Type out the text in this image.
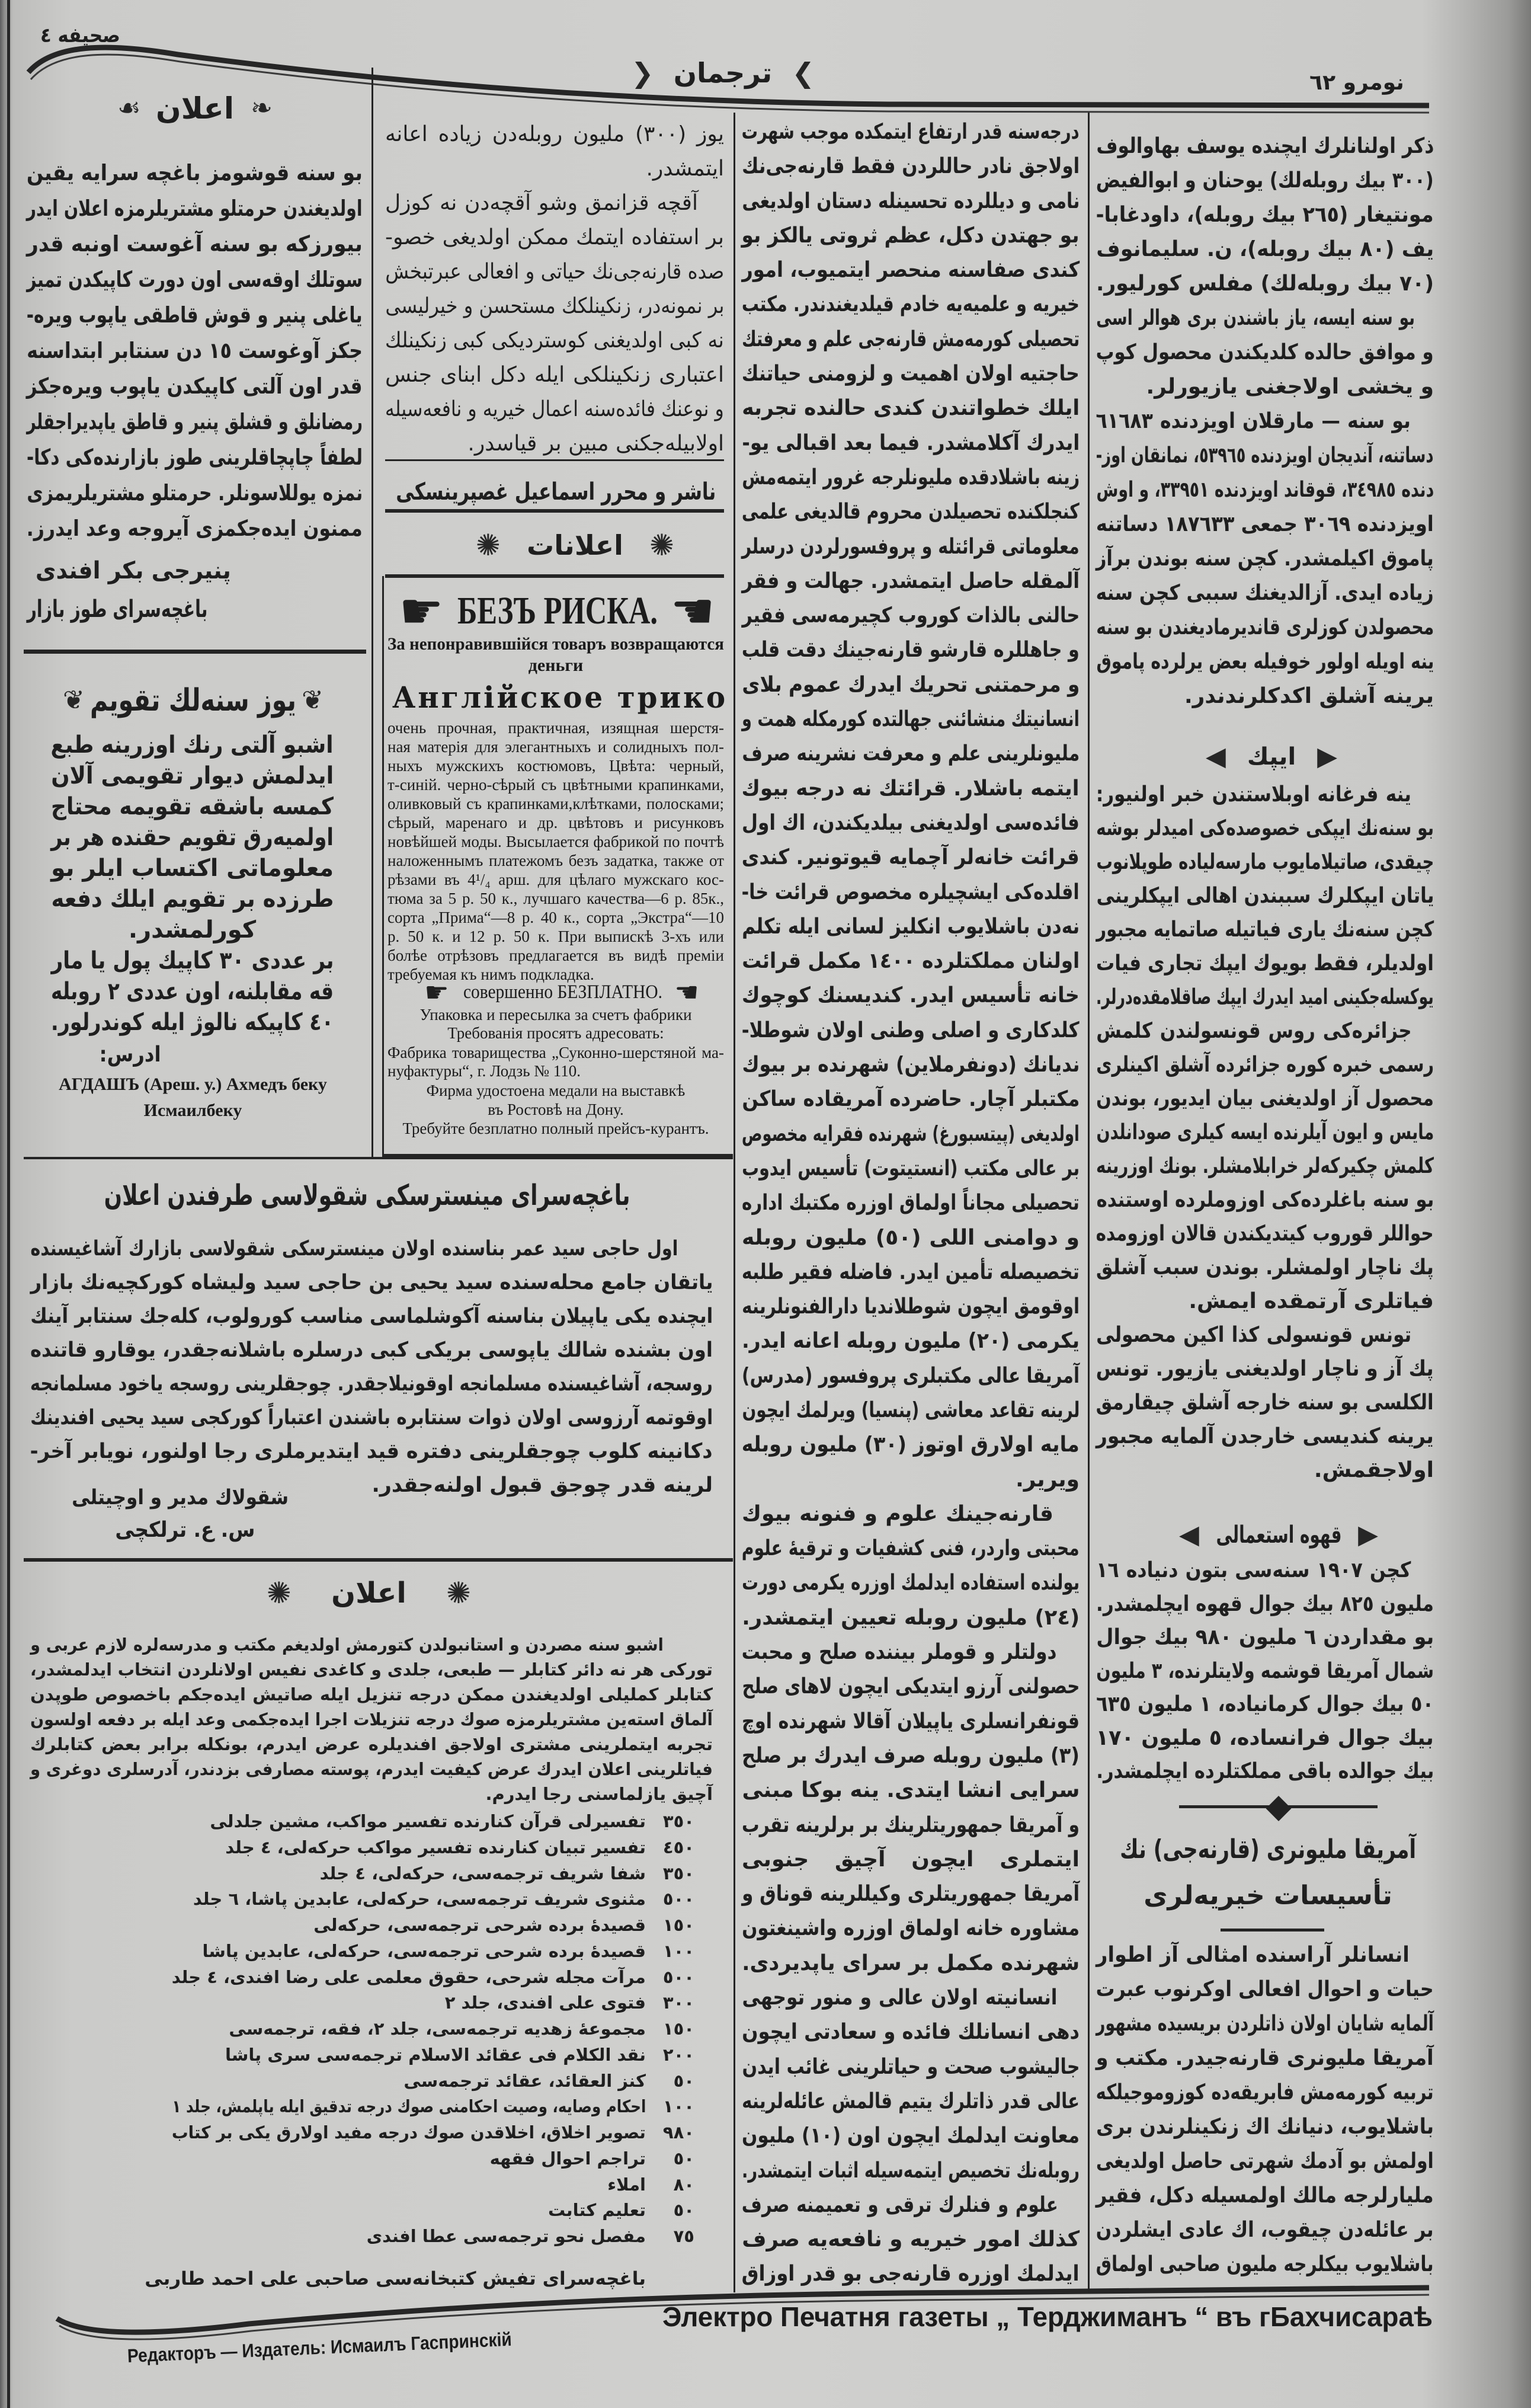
صحیفه ٤
❯
ترجمان
❮	نومرو ٦٢
❧
اعلان
☙
بو سنه قوشومز باغچه سرایه یقین
اولدیغندن حرمتلو مشتریلرمزه اعلان ایدر
بیورزکه بو سنه آغوست اونبه قدر
سوتلك اوقه‌سی اون دورت کاپیکدن تمیز
یاغلی پنیر و قوش قاطقی یاپوب ویره-
جکز آوغوست ١٥ دن سنتابر ابتداسنه
قدر اون آلتی کاپیکدن یاپوب ویره‌جکز
رمضانلق و قشلق پنیر و قاطق یاپدیراجقلر
لطفاً چاپچاقلرینی طوز بازارنده‌کی دکا-
نمزه یوللاسونلر. حرمتلو مشتریلریمزی
ممنون ایده‌جکمزی آیروجه وعد ایدرز.
پنیرجی بکر افندی
باغچه‌سرای طوز بازار
❦
یوز سنه‌لك تقویم
❦
اشبو آلتی رنك اوزرینه طبع
ایدلمش دیوار تقویمی آلان
کمسه باشقه تقویمه محتاج
اولمیه‌رق تقویم حقنده هر بر
معلوماتی اکتساب ایلر بو
طرزده بر تقویم ایلك دفعه
کورلمشدر.
بر عددی ٣٠ کاپیك پول یا مار
قه مقابلنه، اون عددی ٢ روبله
٤٠ کاپیکه نالوژ ایله کوندرلور.
ادرس:
АГДАШЪ (Ареш. у.) Ахмедъ беку
Исмаилбеку
یوز (٣٠٠) ملیون روبله‌دن زیاده اعانه
ایتمشدر.
آقچه قزانمق وشو آقچه‌دن نه کوزل
بر استفاده ایتمك ممکن اولدیغی خصو-
صده قارنه‌جی‌نك حیاتی و افعالی عبرتبخش
بر نمونه‌در، زنکینلکك مستحسن و خیرلیسی
نه کبی اولدیغنی کوستردیکی کبی زنکینلك
اعتباری زنکینلکی ایله دکل ابنای جنس
و نوعنك فائده‌سنه اعمال خیریه و نافعه‌سیله
اولابیله‌جکنی مبین بر قیاسدر.
ناشر و محرر اسماعیل غصپرینسکی
✺
اعلانات
✺
☛ БЕЗЪ РИСКА. ☚
За непонравившійся товаръ возвращаются
деньги
Англійское трико
очень прочная, практичная, изящная шерстя-
ная матерія для элегантныхъ и солидныхъ пол-
ныхъ мужскихъ костюмовъ, Цвѣта: черный,
т-синій. черно-сѣрый съ цвѣтными крапинками,
оливковый съ крапинками,клѣтками, полосками;
сѣрый, маренаго и др. цвѣтовъ и рисунковъ
новѣйшей моды. Высылается фабрикой по почтѣ
наложеннымъ платежомъ безъ задатка, также от
рѣзами въ 4¹/₄ арш. для цѣлаго мужскаго кос-
тюма за 5 р. 50 к., лучшаго качества—6 р. 85к.,
сорта „Прима“—8 р. 40 к., сорта „Экстра“—10
р. 50 к. и 12 р. 50 к. При выпискѣ 3-хъ или
болѣе отрѣзовъ предлагается въ видѣ преміи
требуемая къ нимъ подкладка.
☛ совершенно БЕЗПЛАТНО. ☚
Упаковка и пересылка за счетъ фабрики
Требованія просятъ адресовать:
Фабрика товарищества „Суконно-шерстяной ма-
нуфактуры“, г. Лодзь № 110.
Фирма удостоена медали на выставкѣ
въ Ростовѣ на Дону.
Требуйте безплатно полный прейсъ-курантъ.
باغچه‌سرای مینسترسکی شقولاسی طرفندن اعلان
اول حاجی سید عمر بناسنده اولان مینسترسکی شقولاسی بازارك آشاغیسنده
یاتقان جامع محله‌سنده سید یحیی بن حاجی سید ولیشاه کورکچیه‌نك بازار
ایچنده یکی یاپیلان بناسنه آکوشلماسی مناسب کورولوب، کله‌جك سنتابر آینك
اون بشنده شالك یاپوسی بریکی کبی درسلره باشلانه‌جقدر، یوقارو قاتنده
روسجه، آشاغیسنده مسلمانجه اوقونیلاجقدر. چوجقلرینی روسجه یاخود مسلمانجه
اوقوتمه آرزوسی اولان ذوات سنتابره باشندن اعتباراً کورکجی سید یحیی افندینك
دکانینه کلوب چوجقلرینی دفتره قید ایتدیرملری رجا اولنور، نویابر آخر-
لرینه قدر چوجق قبول اولنه‌جقدر.
شقولاك مدیر و اوچیتلی
س. ع. ترلکچی
✺
اعلان
✺
اشبو سنه مصردن و استانبولدن کتورمش اولدیغم مکتب و مدرسه‌لره لازم عربی و
تورکی هر نه دائر کتابلر — طبعی، جلدی و کاغدی نفیس اولانلردن انتخاب ایدلمشدر،
کتابلر کملیلی اولدیغندن ممکن درجه تنزیل ایله صاتیش ایده‌جکم باخصوص طوپدن
آلماق استه‌ین مشتریلرمزه صوك درجه تنزیلات اجرا ایده‌جکمی وعد ایله بر دفعه اولسون
تجربه ایتملرینی مشتری اولاجق افندیلره عرض ایدرم، بونکله برابر بعض کتابلرك
فیاتلرینی اعلان ایدرك عرض کیفیت ایدرم، پوسته مصارفی بزدندر، آدرسلری دوغری و
آچیق یازلماسنی رجا ایدرم.
٣٥٠
تفسیرلی قرآن کنارنده تفسیر مواکب، مشین جلدلی
٤٥٠
تفسیر تبیان کنارنده تفسیر مواکب حرکه‌لی، ٤ جلد
٣٥٠
شفا شریف ترجمه‌سی، حرکه‌لی، ٤ جلد
٥٠٠
مثنوی شریف ترجمه‌سی، حرکه‌لی، عابدین پاشا، ٦ جلد
١٥٠
قصیدهٔ برده شرحی ترجمه‌سی، حرکه‌لی
١٠٠
قصیدهٔ برده شرحی ترجمه‌سی، حرکه‌لی، عابدین پاشا
٥٠٠
مرآت مجله شرحی، حقوق معلمی علی رضا افندی، ٤ جلد
٣٠٠
فتوی علی افندی، جلد ٢
١٥٠
مجموعهٔ زهدیه ترجمه‌سی، جلد ٢، فقه، ترجمه‌سی
٢٠٠
نقد الکلام فی عقائد الاسلام ترجمه‌سی سری پاشا
٥٠
کنز العقائد، عقائد ترجمه‌سی
١٠٠
احکام وصایه، وصیت احکامنی صوك درجه تدقیق ایله یاپلمش، جلد ١
٩٨٠
تصویر اخلاق، اخلاقدن صوك درجه مفید اولارق یکی بر کتاب
٥٠
تراجم احوال فقهه
٨٠
املاء
٥٠
تعلیم کتابت
٧٥
مفصل نحو ترجمه‌سی عطا افندی
باغچه‌سرای تفیش کتبخانه‌سی صاحبی علی احمد طاربی
درجه‌سنه قدر ارتفاع ایتمکده موجب شهرت
اولاجق نادر حاللردن فقط قارنه‌جی‌نك
نامی و دیللرده تحسینله دستان اولدیغی
بو جهتدن دکل، عظم ثروتی یالکز بو
کندی صفاسنه منحصر ایتمیوب، امور
خیریه و علمیه‌یه خادم قیلدیغندندر. مکتب
تحصیلی کورمه‌مش قارنه‌جی علم و معرفتك
حاجتیه اولان اهمیت و لزومنی حیاتنك
ایلك خطواتندن کندی حالنده تجربه
ایدرك آکلامشدر. فیما بعد اقبالی یو-
زینه باشلادقده ملیونلرجه غرور ایتمه‌مش
کنجلکنده تحصیلدن محروم قالدیغی علمی
معلوماتی قرائتله و پروفسورلردن درسلر
آلمقله حاصل ایتمشدر. جهالت و فقر
حالنی بالذات کوروب کچیرمه‌سی فقیر
و جاهللره قارشو قارنه‌جینك دقت قلب
و مرحمتنی تحریك ایدرك عموم بلای
انسانیتك منشائنی جهالتده کورمکله همت و
ملیونلرینی علم و معرفت نشرینه صرف
ایتمه باشلار. قرائتك نه درجه بیوك
فائده‌سی اولدیغنی بیلدیکندن، اك اول
قرائت خانه‌لر آچمایه قیوتونیر. کندی
اقلده‌کی ایشچیلره مخصوص قرائت خا-
نه‌دن باشلایوب انکلیز لسانی ایله تکلم
اولنان مملکتلرده ١٤٠٠ مکمل قرائت
خانه تأسیس ایدر. کندیسنك کوچوك
کلدکاری و اصلی وطنی اولان شوطلا-
ندیانك (دونفرملاین) شهرنده بر بیوك
مکتبلر آچار. حاضرده آمریقاده ساکن
اولدیغی (پیتسبورغ) شهرنده فقرایه مخصوص
بر عالی مکتب (انستیتوت) تأسیس ایدوب
تحصیلی مجاناً اولماق اوزره مکتبك اداره
و دوامنی اللی (٥٠) ملیون روبله
تخصیصله تأمین ایدر. فاضله فقیر طلبه
اوقومق ایچون شوطلاندیا دارالفنونلرینه
یکرمی (٢٠) ملیون روبله اعانه ایدر.
آمریقا عالی مکتبلری پروفسور (مدرس)
لرینه تقاعد معاشی (پنسیا) ویرلمك ایچون
مایه اولارق اوتوز (٣٠) ملیون روبله
ویریر.
قارنه‌جینك علوم و فنونه بیوك
محبتی واردر، فنی کشفیات و ترقیهٔ علوم
یولنده استفاده ایدلمك اوزره یکرمی دورت
(٢٤) ملیون روبله تعیین ایتمشدر.
دولتلر و قوملر بیننده صلح و محبت
حصولنی آرزو ایتدیکی ایچون لاهای صلح
قونفرانسلری یاپیلان آقالا شهرنده اوچ
(٣) ملیون روبله صرف ایدرك بر صلح
سرایی انشا ایتدی. ینه بوکا مبنی
و آمریقا جمهوریتلرینك بر برلرینه تقرب
ایتملری ایچون آچیق جنوبی
آمریقا جمهوریتلری وکیللرینه قوناق و
مشاوره خانه اولماق اوزره واشینغتون
شهرنده مکمل بر سرای یاپدیردی.
انسانیته اولان عالی و منور توجهی
دهی انسانلك فائده و سعادتی ایچون
جالیشوب صحت و حیاتلرینی غائب ایدن
عالی قدر ذاتلرك یتیم قالمش عائله‌لرینه
معاونت ایدلمك ایچون اون (١٠) ملیون
روبله‌نك تخصیص ایتمه‌سیله اثبات ایتمشدر.
علوم و فنلرك ترقی و تعمیمنه صرف
کذلك امور خیریه و نافعه‌یه صرف
ایدلمك اوزره قارنه‌جی بو قدر اوزاق
ذکر اولنانلرك ایچنده یوسف بهاوالوف
(٣٠٠ بیك روبله‌لك) یوحنان و ابوالفیض
مونتیغار (٢٦٥ بیك روبله)، داودغابا-
یف (٨٠ بیك روبله)، ن. سلیمانوف
(٧٠ بیك روبله‌لك) مفلس کورلیور.
بو سنه ایسه، یاز باشندن بری هوالر اسی
و موافق حالده کلدیکندن محصول کوپ
و یخشی اولاجغنی یازیورلر.
بو سنه — مارقلان اویزدنده ٦١٦٨٣
دساتنه، آندیجان اویزدنده ٥٣٩٦٥، نمانقان اوز-
دنده ٣٤٩٨٥، قوقاند اویزدنده ٣٣٩٥١، و اوش
اویزدنده ٣٠٦٩ جمعی ١٨٧٦٣٣ دساتنه
پاموق اکیلمشدر. کچن سنه بوندن برآز
زیاده ایدی. آزالدیغنك سببی کچن سنه
محصولدن کوزلری قاندیرمادیغندن بو سنه
ینه اویله اولور خوفیله بعض یرلرده پاموق
یرینه آشلق اکدکلرندندر.
▶
ایپك
◀
ینه فرغانه اوبلاستندن خبر اولنیور:
بو سنه‌نك ایپکی خصوصده‌کی امیدلر بوشه
چیقدی، صاتیلامایوب مارسه‌لیاده طوپلانوب
یاتان ایپکلرك سببندن اهالی ایپکلرینی
کچن سنه‌نك یاری فیاتیله صاتمایه مجبور
اولدیلر، فقط بویوك ایپك تجاری فیات
یوکسله‌جکینی امید ایدرك ایپك صاقلامقده‌درلر.
جزائره‌کی روس قونسولندن کلمش
رسمی خبره کوره جزائرده آشلق اکینلری
محصول آز اولدیغنی بیان ایدیور، بوندن
مایس و ایون آیلرنده ایسه کیلری صودانلدن
کلمش چکیرکه‌لر خرابلامشلر. بونك اوزرینه
بو سنه باغلرده‌کی اوزوملرده اوستنده
حواللر قوروب کیتدیکندن قالان اوزومده
پك ناچار اولمشلر. بوندن سبب آشلق
فیاتلری آرتمقده ایمش.
تونس قونسولی کذا اکین محصولی
پك آز و ناچار اولدیغنی یازیور. تونس
الکلسی بو سنه خارجه آشلق چیقارمق
یرینه کندیسی خارجدن آلمایه مجبور
اولاجقمش.
▶
قهوه استعمالی
◀
کچن ١٩٠٧ سنه‌سی بتون دنیاده ١٦
ملیون ٨٢٥ بیك جوال قهوه ایچلمشدر.
بو مقداردن ٦ ملیون ٩٨٠ بیك جوال
شمال آمریقا قوشمه ولایتلرنده، ٣ ملیون
٥٠ بیك جوال کرمانیاده، ١ ملیون ٦٣٥
بیك جوال فرانساده، ٥ ملیون ١٧٠
بیك جوالده باقی مملکتلرده ایچلمشدر.
◆
آمریقا ملیونری (قارنه‌جی) نك
تأسیسات خیریه‌لری
انسانلر آراسنده امثالی آز اطوار
حیات و احوال افعالی اوکرنوب عبرت
آلمایه شایان اولان ذاتلردن بریسیده مشهور
آمریقا ملیونری قارنه‌جیدر. مکتب و
تربیه کورمه‌مش فابریقه‌ده کوزوموجیلکه
باشلایوب، دنیانك اك زنکینلرندن بری
اولمش بو آدمك شهرتی حاصل اولدیغی
ملیارلرجه مالك اولمسیله دکل، فقیر
بر عائله‌دن چیقوب، اك عادی ایشلردن
باشلایوب بیکلرجه ملیون صاحبی اولماق
Электро Печатня газеты „ Терджиманъ “ въ гБахчисараѣ
Редакторъ — Издатель: Исмаилъ Гаспринскій
